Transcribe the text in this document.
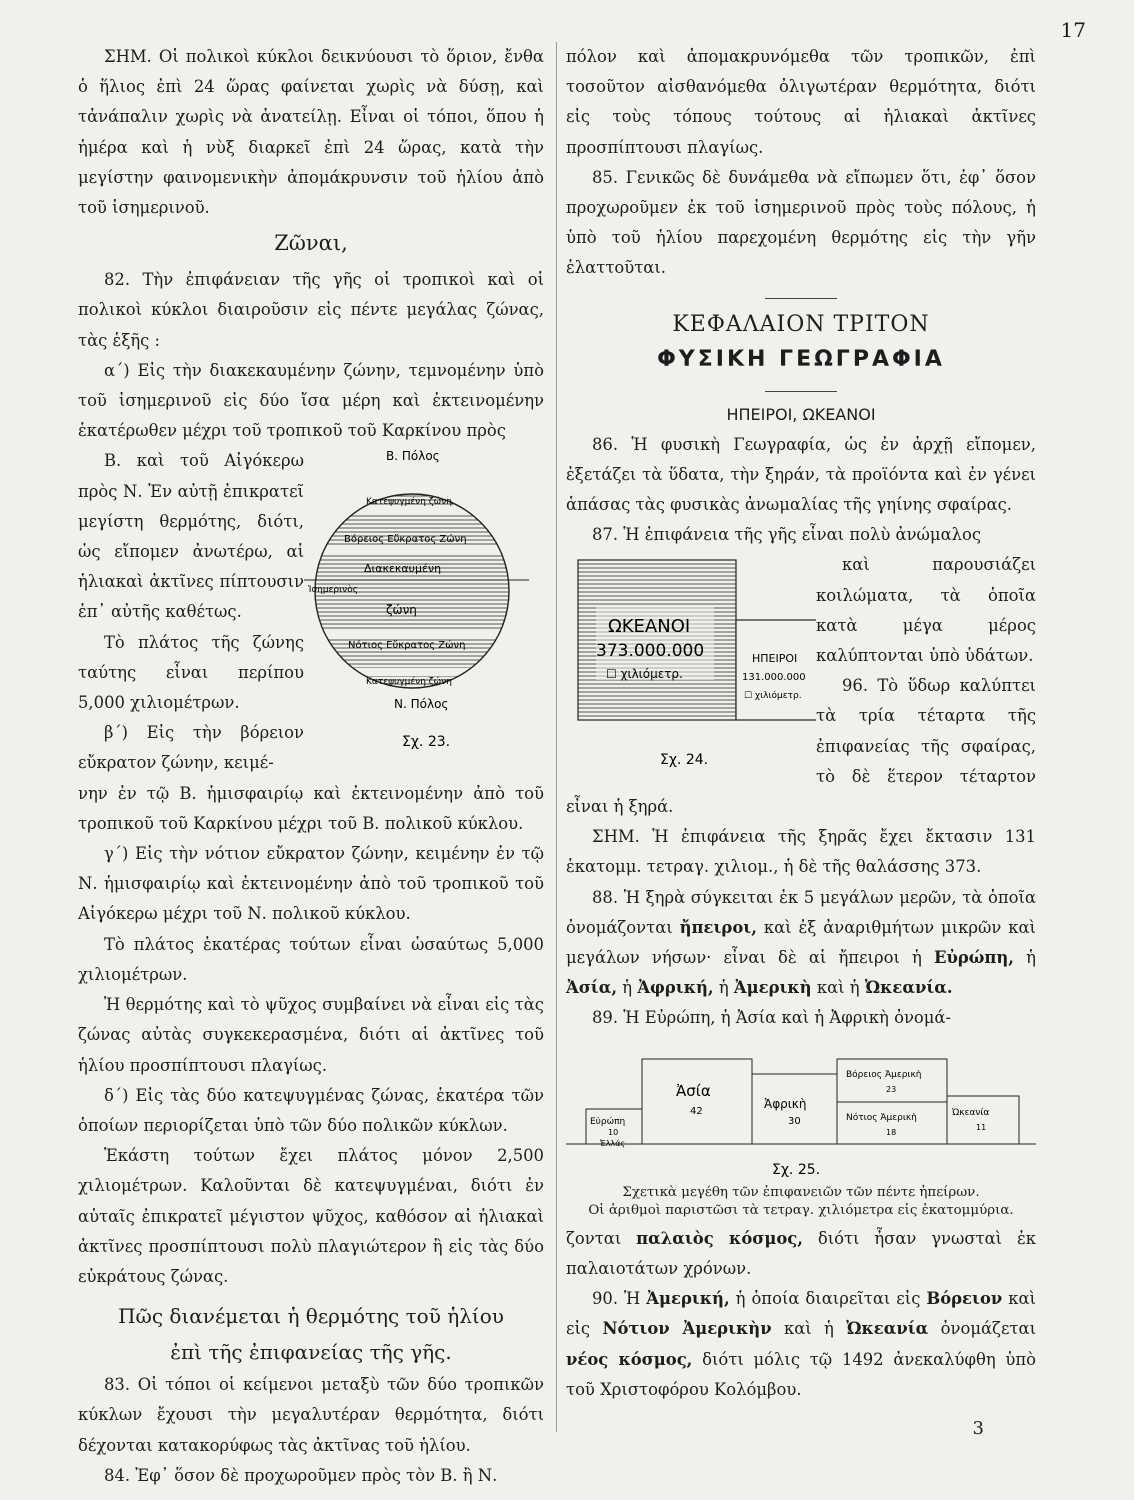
17

ΣΗΜ. Οἱ πολικοὶ κύκλοι δεικνύουσι τὸ ὅριον, ἔνθα ὁ ἥλιος ἐπὶ 24 ὥρας φαίνεται χωρὶς νὰ δύσῃ, καὶ τἀνάπαλιν χωρὶς νὰ ἀνατείλῃ. Εἶναι οἱ τόποι, ὅπου ἡ ἡμέρα καὶ ἡ νὺξ διαρκεῖ ἐπὶ 24 ὥρας, κατὰ τὴν μεγίστην φαινομενικὴν ἀπομάκρυνσιν τοῦ ἡλίου ἀπὸ τοῦ ἰσημερινοῦ.

Ζῶναι,

82. Τὴν ἐπιφάνειαν τῆς γῆς οἱ τροπικοὶ καὶ οἱ πολικοὶ κύκλοι διαιροῦσιν εἰς πέντε μεγάλας ζώνας, τὰς ἑξῆς :

α΄) Εἰς τὴν διακεκαυμένην ζώνην, τεμνομένην ὑπὸ τοῦ ἰσημερινοῦ εἰς δύο ἴσα μέρη καὶ ἐκτεινομένην ἑκατέρωθεν μέχρι τοῦ τροπικοῦ τοῦ Καρκίνου πρὸς

Β. Πόλος
Κατεψυγμένη ζώνη
Βόρειος Εὔκρατος Ζώνη
Διακεκαυμένη
Ἰσημερινὸς
ζώνη
Νότιος Εὔκρατος Ζώνη
Κατεψυγμένη ζώνη
Ν. Πόλος
Σχ. 23.

Β. καὶ τοῦ Αἰγόκερω πρὸς Ν. Ἐν αὐτῇ ἐπικρατεῖ μεγίστη θερμότης, διότι, ὡς εἴπομεν ἀνωτέρω, αἱ ἡλιακαὶ ἀκτῖνες πίπτουσιν ἐπ᾽ αὐτῆς καθέτως.

Τὸ πλάτος τῆς ζώνης ταύτης εἶναι περίπου 5,000 χιλιομέτρων.

β΄) Εἰς τὴν βόρειον εὔκρατον ζώνην, κειμέ-

νην ἐν τῷ Β. ἡμισφαιρίῳ καὶ ἐκτεινομένην ἀπὸ τοῦ τροπικοῦ τοῦ Καρκίνου μέχρι τοῦ Β. πολικοῦ κύκλου.

γ΄) Εἰς τὴν νότιον εὔκρατον ζώνην, κειμένην ἐν τῷ Ν. ἡμισφαιρίῳ καὶ ἐκτεινομένην ἀπὸ τοῦ τροπικοῦ τοῦ Αἰγόκερω μέχρι τοῦ Ν. πολικοῦ κύκλου.

Τὸ πλάτος ἑκατέρας τούτων εἶναι ὡσαύτως 5,000 χιλιομέτρων.

Ἡ θερμότης καὶ τὸ ψῦχος συμβαίνει νὰ εἶναι εἰς τὰς ζώνας αὐτὰς συγκεκερασμένα, διότι αἱ ἀκτῖνες τοῦ ἡλίου προσπίπτουσι πλαγίως.

δ΄) Εἰς τὰς δύο κατεψυγμένας ζώνας, ἑκατέρα τῶν ὁποίων περιορίζεται ὑπὸ τῶν δύο πολικῶν κύκλων.

Ἑκάστη τούτων ἔχει πλάτος μόνον 2,500 χιλιομέτρων. Καλοῦνται δὲ κατεψυγμέναι, διότι ἐν αὐταῖς ἐπικρατεῖ μέγιστον ψῦχος, καθόσον αἱ ἡλιακαὶ ἀκτῖνες προσπίπτουσι πολὺ πλαγιώτερον ἢ εἰς τὰς δύο εὐκράτους ζώνας.

Πῶς διανέμεται ἡ θερμότης τοῦ ἡλίου
ἐπὶ τῆς ἐπιφανείας τῆς γῆς.

83. Οἱ τόποι οἱ κείμενοι μεταξὺ τῶν δύο τροπικῶν κύκλων ἔχουσι τὴν μεγαλυτέραν θερμότητα, διότι δέχονται κατακορύφως τὰς ἀκτῖνας τοῦ ἡλίου.

84. Ἐφ᾽ ὅσον δὲ προχωροῦμεν πρὸς τὸν Β. ἢ Ν.

πόλον καὶ ἀπομακρυνόμεθα τῶν τροπικῶν, ἐπὶ τοσοῦτον αἰσθανόμεθα ὀλιγωτέραν θερμότητα, διότι εἰς τοὺς τόπους τούτους αἱ ἡλιακαὶ ἀκτῖνες προσπίπτουσι πλαγίως.

85. Γενικῶς δὲ δυνάμεθα νὰ εἴπωμεν ὅτι, ἐφ᾽ ὅσον προχωροῦμεν ἐκ τοῦ ἰσημερινοῦ πρὸς τοὺς πόλους, ἡ ὑπὸ τοῦ ἡλίου παρεχομένη θερμότης εἰς τὴν γῆν ἐλαττοῦται.

ΚΕΦΑΛΑΙΟΝ ΤΡΙΤΟΝ
ΦΥΣΙΚΗ ΓΕΩΓΡΑΦΙΑ
ΗΠΕΙΡΟΙ, ΩΚΕΑΝΟΙ

86. Ἡ φυσικὴ Γεωγραφία, ὡς ἐν ἀρχῇ εἴπομεν, ἐξετάζει τὰ ὕδατα, τὴν ξηράν, τὰ προϊόντα καὶ ἐν γένει ἁπάσας τὰς φυσικὰς ἀνωμαλίας τῆς γηίνης σφαίρας.

87. Ἡ ἐπιφάνεια τῆς γῆς εἶναι πολὺ ἀνώμαλος

ΩΚΕΑΝΟΙ
373.000.000
☐ χιλιόμετρ.
ΗΠΕΙΡΟΙ
131.000.000
☐ χιλιόμετρ.
Σχ. 24.

καὶ παρουσιάζει κοιλώματα, τὰ ὁποῖα κατὰ μέγα μέρος καλύπτονται ὑπὸ ὑδάτων.

96. Τὸ ὕδωρ καλύπτει τὰ τρία τέταρτα τῆς ἐπιφανείας τῆς σφαίρας, τὸ δὲ ἕτερον τέταρτον εἶναι ἡ ξηρά.

ΣΗΜ. Ἡ ἐπιφάνεια τῆς ξηρᾶς ἔχει ἔκτασιν 131 ἑκατομμ. τετραγ. χιλιομ., ἡ δὲ τῆς θαλάσσης 373.

88. Ἡ ξηρὰ σύγκειται ἐκ 5 μεγάλων μερῶν, τὰ ὁποῖα ὀνομάζονται ἤπειροι, καὶ ἐξ ἀναριθμήτων μικρῶν καὶ μεγάλων νήσων· εἶναι δὲ αἱ ἤπειροι ἡ Εὐρώπη, ἡ Ἀσία, ἡ Ἀφρική, ἡ Ἀμερικὴ καὶ ἡ Ὠκεανία.

89. Ἡ Εὐρώπη, ἡ Ἀσία καὶ ἡ Ἀφρικὴ ὀνομά-

Εὐρώπη
10
Ἑλλάς
Ἀσία
42
Ἀφρικὴ
30
Βόρειος Ἀμερικὴ
23
Νότιος Ἀμερικὴ
18
Ὠκεανία
11
Σχ. 25.
Σχετικὰ μεγέθη τῶν ἐπιφανειῶν τῶν πέντε ἠπείρων.
Οἱ ἀριθμοὶ παριστῶσι τὰ τετραγ. χιλιόμετρα εἰς ἑκατομμύρια.

ζονται παλαιὸς κόσμος, διότι ἦσαν γνωσταὶ ἐκ παλαιοτάτων χρόνων.

90. Ἡ Ἀμερική, ἡ ὁποία διαιρεῖται εἰς Βόρειον καὶ εἰς Νότιον Ἀμερικὴν καὶ ἡ Ὠκεανία ὀνομάζεται νέος κόσμος, διότι μόλις τῷ 1492 ἀνεκαλύφθη ὑπὸ τοῦ Χριστοφόρου Κολόμβου.

3
